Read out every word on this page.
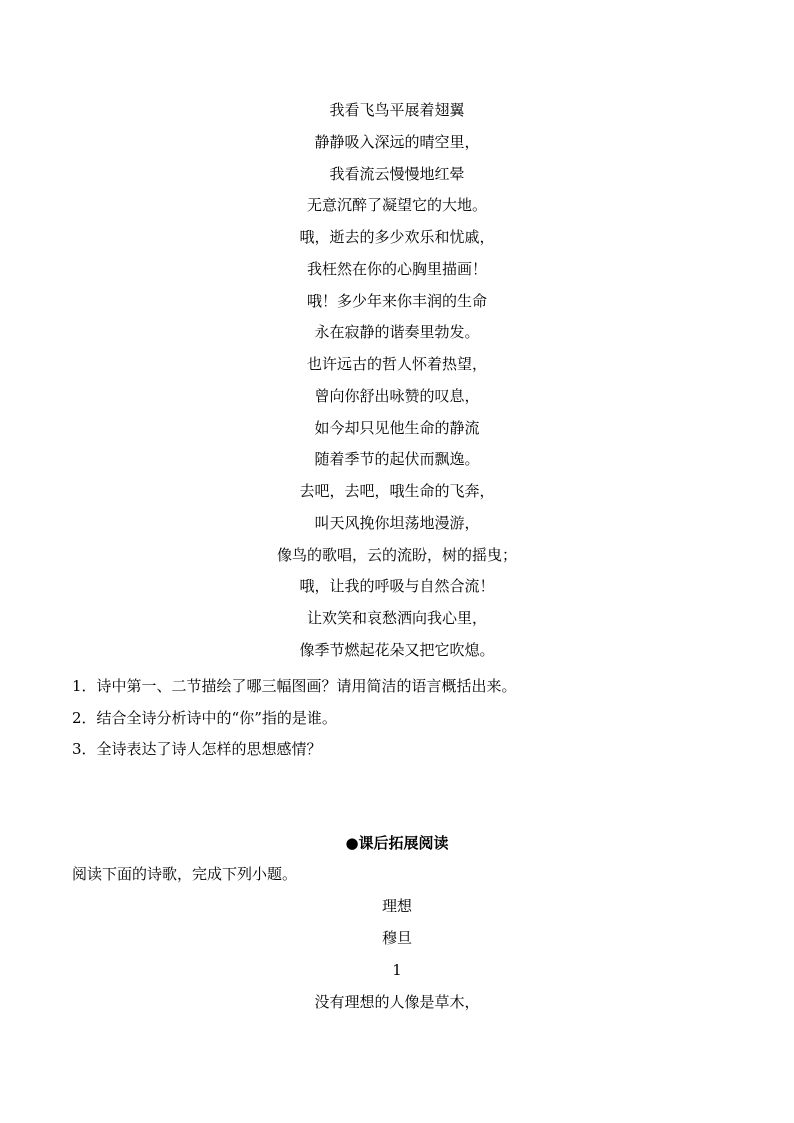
我看飞鸟平展着翅翼
静静吸入深远的晴空里，
我看流云慢慢地红晕
无意沉醉了凝望它的大地。
哦，逝去的多少欢乐和忧戚，
我枉然在你的心胸里描画！
哦！多少年来你丰润的生命
永在寂静的谐奏里勃发。
也许远古的哲人怀着热望，
曾向你舒出咏赞的叹息，
如今却只见他生命的静流
随着季节的起伏而飘逸。
去吧，去吧，哦生命的飞奔，
叫天风挽你坦荡地漫游，
像鸟的歌唱，云的流盼，树的摇曳；
哦，让我的呼吸与自然合流！
让欢笑和哀愁洒向我心里，
像季节燃起花朵又把它吹熄。
1．诗中第一、二节描绘了哪三幅图画？请用简洁的语言概括出来。
2．结合全诗分析诗中的“你”指的是谁。
3．全诗表达了诗人怎样的思想感情？
●课后拓展阅读
阅读下面的诗歌，完成下列小题。
理想
穆旦
1
没有理想的人像是草木，
